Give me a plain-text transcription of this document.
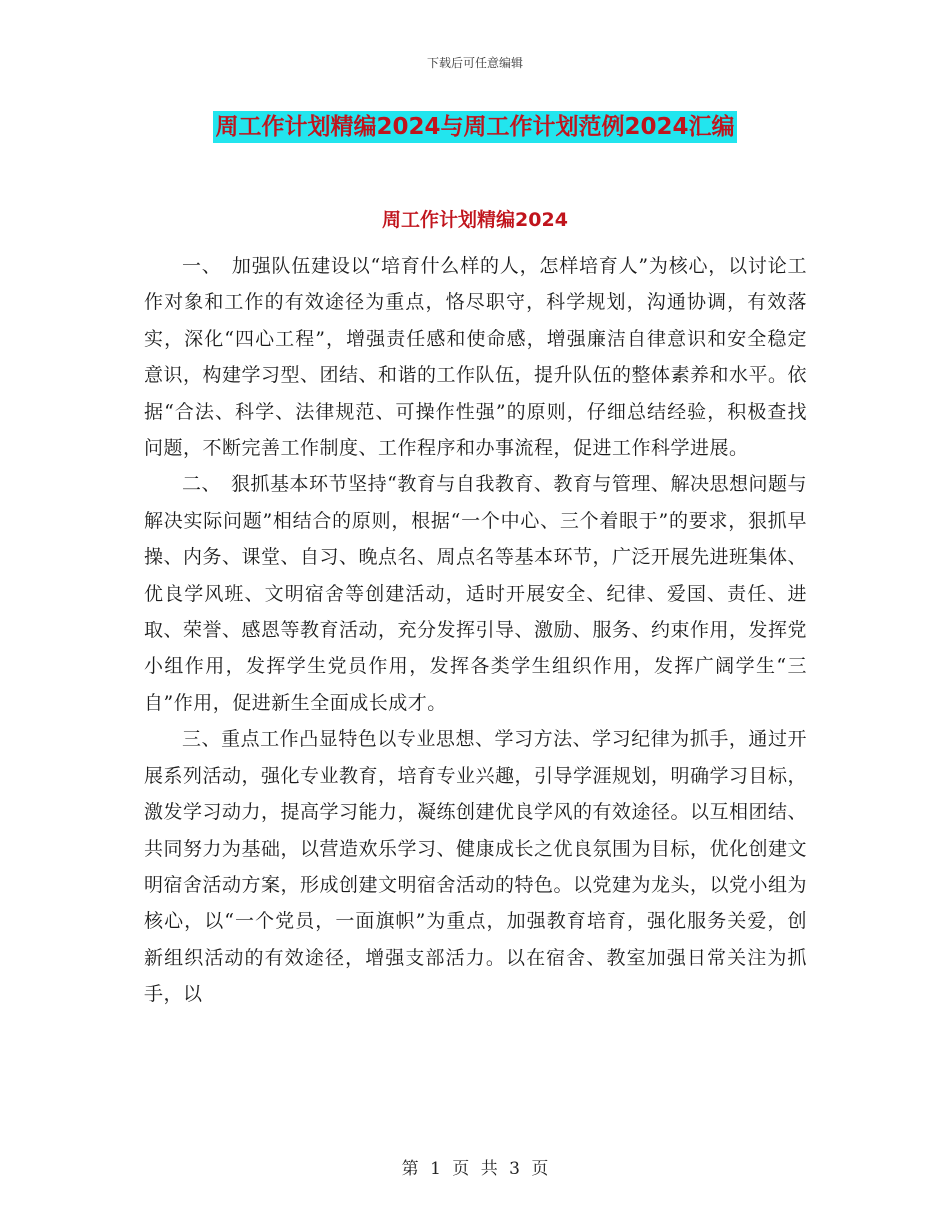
下载后可任意编辑
周工作计划精编2024与周工作计划范例2024汇编
周工作计划精编2024

一、　加强队伍建设以“培育什么样的人，怎样培育人”为核心，以讨论工作对象和工作的有效途径为重点，恪尽职守，科学规划，沟通协调，有效落实，深化“四心工程”，增强责任感和使命感，增强廉洁自律意识和安全稳定意识，构建学习型、团结、和谐的工作队伍，提升队伍的整体素养和水平。依据“合法、科学、法律规范、可操作性强”的原则，仔细总结经验，积极查找问题，不断完善工作制度、工作程序和办事流程，促进工作科学进展。

二、　狠抓基本环节坚持“教育与自我教育、教育与管理、解决思想问题与解决实际问题”相结合的原则，根据“一个中心、三个着眼于”的要求，狠抓早操、内务、课堂、自习、晚点名、周点名等基本环节，广泛开展先进班集体、优良学风班、文明宿舍等创建活动，适时开展安全、纪律、爱国、责任、进取、荣誉、感恩等教育活动，充分发挥引导、激励、服务、约束作用，发挥党小组作用，发挥学生党员作用，发挥各类学生组织作用，发挥广阔学生“三自”作用，促进新生全面成长成才。

三、重点工作凸显特色以专业思想、学习方法、学习纪律为抓手，通过开展系列活动，强化专业教育，培育专业兴趣，引导学涯规划，明确学习目标，激发学习动力，提高学习能力，凝练创建优良学风的有效途径。以互相团结、共同努力为基础，以营造欢乐学习、健康成长之优良氛围为目标，优化创建文明宿舍活动方案，形成创建文明宿舍活动的特色。以党建为龙头，以党小组为核心，以“一个党员，一面旗帜”为重点，加强教育培育，强化服务关爱，创新组织活动的有效途径，增强支部活力。以在宿舍、教室加强日常关注为抓手，以

第 1 页 共 3 页
